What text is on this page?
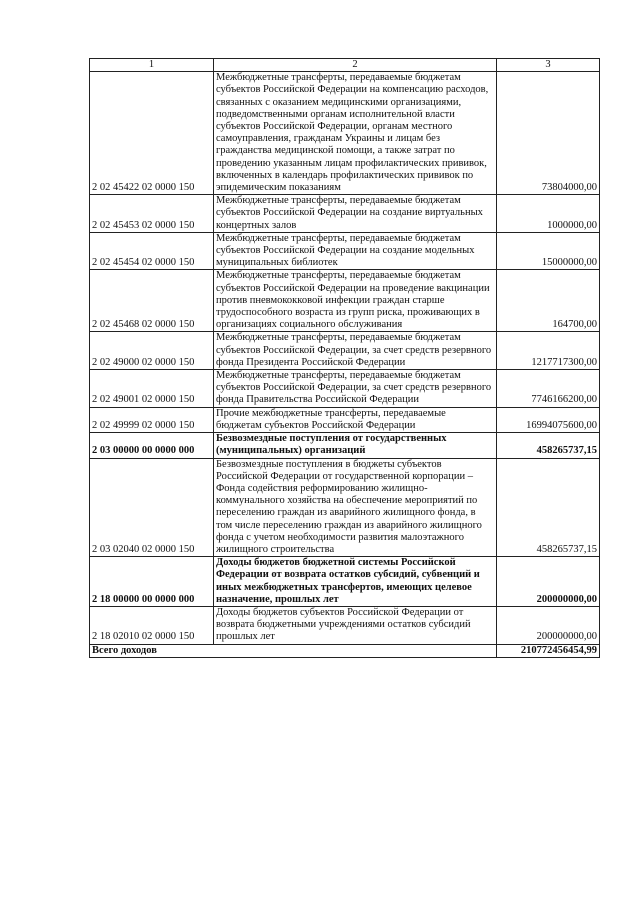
1	2	3
2 02 45422 02 0000 150	Межбюджетные трансферты, передаваемые бюджетам субъектов Российской Федерации на компенсацию расходов, связанных с оказанием медицинскими организациями, подведомственными органам исполнительной власти субъектов Российской Федерации, органам местного самоуправления, гражданам Украины и лицам без гражданства медицинской помощи, а также затрат по проведению указанным лицам профилактических прививок, включенных в календарь профилактических прививок по эпидемическим показаниям	73804000,00
2 02 45453 02 0000 150	Межбюджетные трансферты, передаваемые бюджетам субъектов Российской Федерации на создание виртуальных концертных залов	1000000,00
2 02 45454 02 0000 150	Межбюджетные трансферты, передаваемые бюджетам субъектов Российской Федерации на создание модельных муниципальных библиотек	15000000,00
2 02 45468 02 0000 150	Межбюджетные трансферты, передаваемые бюджетам субъектов Российской Федерации на проведение вакцинации против пневмококковой инфекции граждан старше трудоспособного возраста из групп риска, проживающих в организациях социального обслуживания	164700,00
2 02 49000 02 0000 150	Межбюджетные трансферты, передаваемые бюджетам субъектов Российской Федерации, за счет средств резервного фонда Президента Российской Федерации	1217717300,00
2 02 49001 02 0000 150	Межбюджетные трансферты, передаваемые бюджетам субъектов Российской Федерации, за счет средств резервного фонда Правительства Российской Федерации	7746166200,00
2 02 49999 02 0000 150	Прочие межбюджетные трансферты, передаваемые бюджетам субъектов Российской Федерации	16994075600,00
2 03 00000 00 0000 000	Безвозмездные поступления от государственных (муниципальных) организаций	458265737,15
2 03 02040 02 0000 150	Безвозмездные поступления в бюджеты субъектов Российской Федерации от государственной корпорации – Фонда содействия реформированию жилищно-коммунального хозяйства на обеспечение мероприятий по переселению граждан из аварийного жилищного фонда, в том числе переселению граждан из аварийного жилищного фонда с учетом необходимости развития малоэтажного жилищного строительства	458265737,15
2 18 00000 00 0000 000	Доходы бюджетов бюджетной системы Российской Федерации от возврата остатков субсидий, субвенций и иных межбюджетных трансфертов, имеющих целевое назначение, прошлых лет	200000000,00
2 18 02010 02 0000 150	Доходы бюджетов субъектов Российской Федерации от возврата бюджетными учреждениями остатков субсидий прошлых лет	200000000,00
Всего доходов		210772456454,99
